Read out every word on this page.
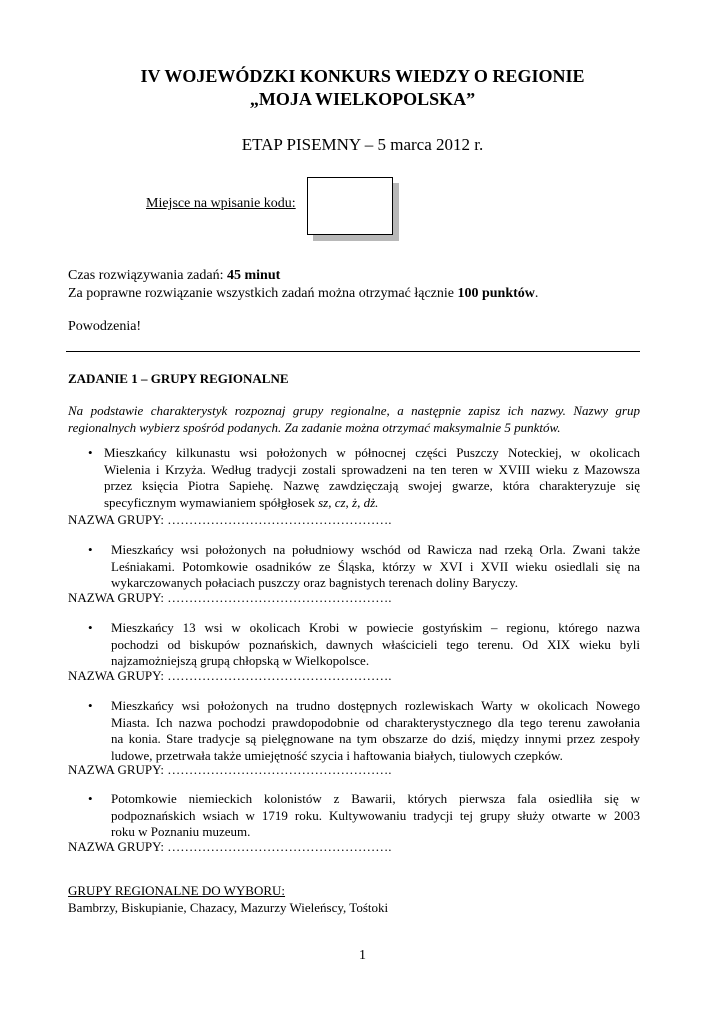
IV WOJEWÓDZKI KONKURS WIEDZY O REGIONIE
„MOJA WIELKOPOLSKA”
ETAP PISEMNY – 5 marca 2012 r.
Miejsce na wpisanie kodu:
Czas rozwiązywania zadań: 45 minut
Za poprawne rozwiązanie wszystkich zadań można otrzymać łącznie 100 punktów.
Powodzenia!
ZADANIE 1 – GRUPY REGIONALNE
Na podstawie charakterystyk rozpoznaj grupy regionalne, a następnie zapisz ich nazwy. Nazwy grup
regionalnych wybierz spośród podanych. Za zadanie można otrzymać maksymalnie 5 punktów.
• Mieszkańcy kilkunastu wsi położonych w północnej części Puszczy Noteckiej, w okolicach
Wielenia i Krzyża. Według tradycji zostali sprowadzeni na ten teren w XVIII wieku z Mazowsza
przez księcia Piotra Sapiehę. Nazwę zawdzięczają swojej gwarze, która charakteryzuje się
specyficznym wymawianiem spółgłosek sz, cz, ż, dż.
NAZWA GRUPY: …………………………………………….
• Mieszkańcy wsi położonych na południowy wschód od Rawicza nad rzeką Orla. Zwani także
Leśniakami. Potomkowie osadników ze Śląska, którzy w XVI i XVII wieku osiedlali się na
wykarczowanych połaciach puszczy oraz bagnistych terenach doliny Baryczy.
NAZWA GRUPY: …………………………………………….
• Mieszkańcy 13 wsi w okolicach Krobi w powiecie gostyńskim – regionu, którego nazwa
pochodzi od biskupów poznańskich, dawnych właścicieli tego terenu. Od XIX wieku byli
najzamożniejszą grupą chłopską w Wielkopolsce.
NAZWA GRUPY: …………………………………………….
• Mieszkańcy wsi położonych na trudno dostępnych rozlewiskach Warty w okolicach Nowego
Miasta. Ich nazwa pochodzi prawdopodobnie od charakterystycznego dla tego terenu zawołania
na konia. Stare tradycje są pielęgnowane na tym obszarze do dziś, między innymi przez zespoły
ludowe, przetrwała także umiejętność szycia i haftowania białych, tiulowych czepków.
NAZWA GRUPY: …………………………………………….
• Potomkowie niemieckich kolonistów z Bawarii, których pierwsza fala osiedliła się w
podpoznańskich wsiach w 1719 roku. Kultywowaniu tradycji tej grupy służy otwarte w 2003
roku w Poznaniu muzeum.
NAZWA GRUPY: …………………………………………….
GRUPY REGIONALNE DO WYBORU:
Bambrzy, Biskupianie, Chazacy, Mazurzy Wieleńscy, Tośtoki
1
